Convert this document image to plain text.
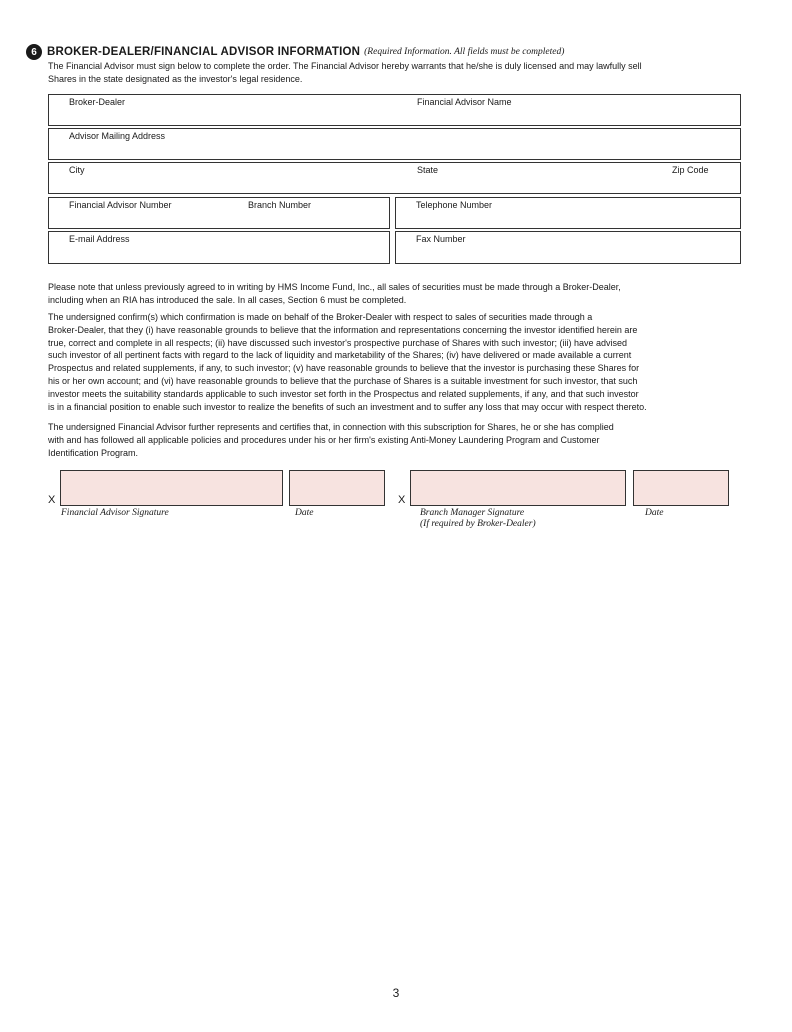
6 BROKER-DEALER/FINANCIAL ADVISOR INFORMATION (Required Information. All fields must be completed)
The Financial Advisor must sign below to complete the order. The Financial Advisor hereby warrants that he/she is duly licensed and may lawfully sell
Shares in the state designated as the investor's legal residence.
Broker-Dealer	Financial Advisor Name
Advisor Mailing Address
City	State	Zip Code
Financial Advisor Number	Branch Number	Telephone Number
E-mail Address	Fax Number
Please note that unless previously agreed to in writing by HMS Income Fund, Inc., all sales of securities must be made through a Broker-Dealer,
including when an RIA has introduced the sale. In all cases, Section 6 must be completed.
The undersigned confirm(s) which confirmation is made on behalf of the Broker-Dealer with respect to sales of securities made through a
Broker-Dealer, that they (i) have reasonable grounds to believe that the information and representations concerning the investor identified herein are
true, correct and complete in all respects; (ii) have discussed such investor's prospective purchase of Shares with such investor; (iii) have advised
such investor of all pertinent facts with regard to the lack of liquidity and marketability of the Shares; (iv) have delivered or made available a current
Prospectus and related supplements, if any, to such investor; (v) have reasonable grounds to believe that the investor is purchasing these Shares for
his or her own account; and (vi) have reasonable grounds to believe that the purchase of Shares is a suitable investment for such investor, that such
investor meets the suitability standards applicable to such investor set forth in the Prospectus and related supplements, if any, and that such investor
is in a financial position to enable such investor to realize the benefits of such an investment and to suffer any loss that may occur with respect thereto.
The undersigned Financial Advisor further represents and certifies that, in connection with this subscription for Shares, he or she has complied
with and has followed all applicable policies and procedures under his or her firm's existing Anti-Money Laundering Program and Customer
Identification Program.
X
Financial Advisor Signature	Date
X
Branch Manager Signature
(If required by Broker-Dealer)
Date
3
